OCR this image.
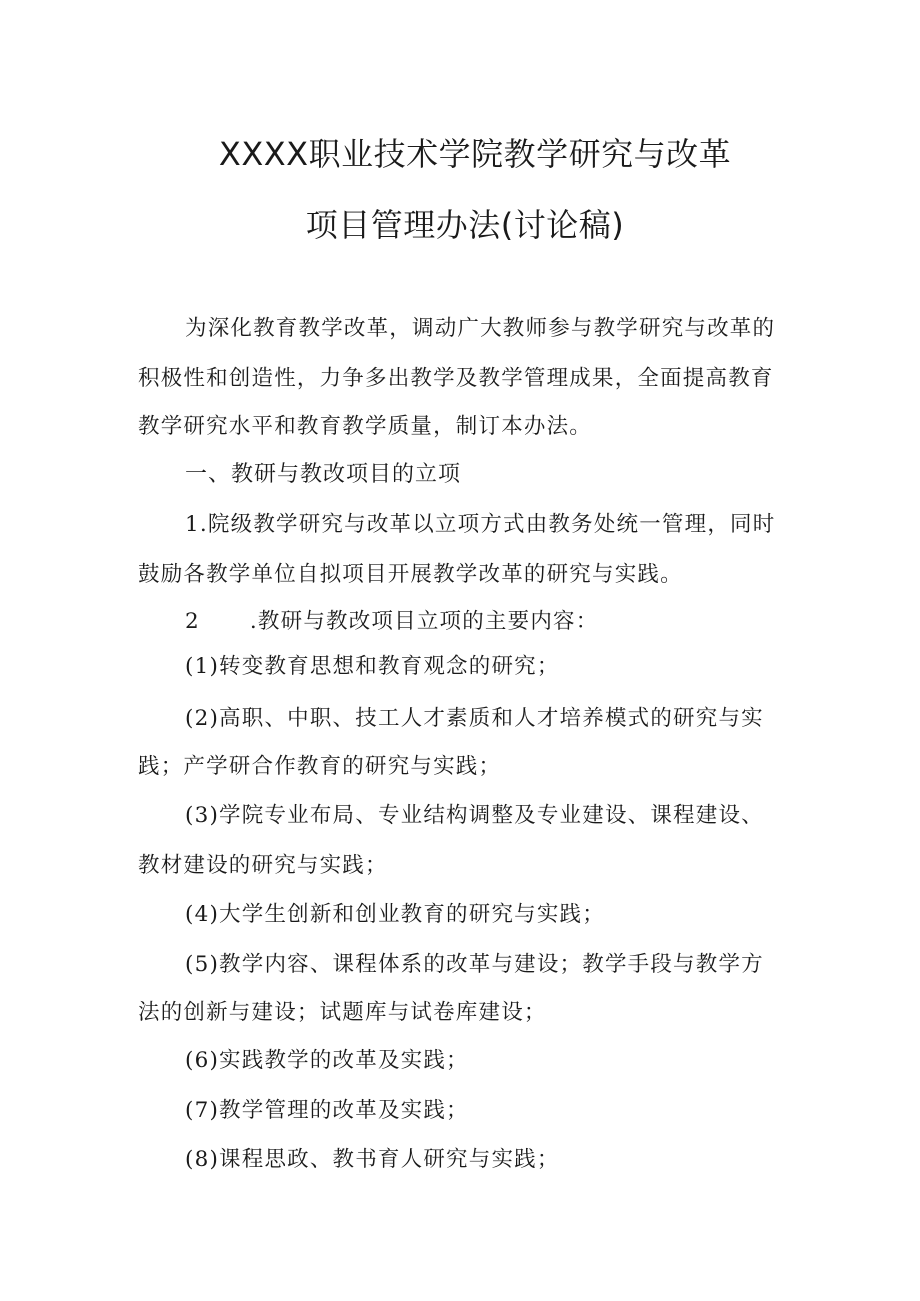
XXXX职业技术学院教学研究与改革
项目管理办法(讨论稿)
为深化教育教学改革，调动广大教师参与教学研究与改革的
积极性和创造性，力争多出教学及教学管理成果，全面提高教育
教学研究水平和教育教学质量，制订本办法。
一、教研与教改项目的立项
1.院级教学研究与改革以立项方式由教务处统一管理，同时
鼓励各教学单位自拟项目开展教学改革的研究与实践。
2 .教研与教改项目立项的主要内容：
(1)转变教育思想和教育观念的研究；
(2)高职、中职、技工人才素质和人才培养模式的研究与实
践；产学研合作教育的研究与实践；
(3)学院专业布局、专业结构调整及专业建设、课程建设、
教材建设的研究与实践；
(4)大学生创新和创业教育的研究与实践；
(5)教学内容、课程体系的改革与建设；教学手段与教学方
法的创新与建设；试题库与试卷库建设；
(6)实践教学的改革及实践；
(7)教学管理的改革及实践；
(8)课程思政、教书育人研究与实践；
